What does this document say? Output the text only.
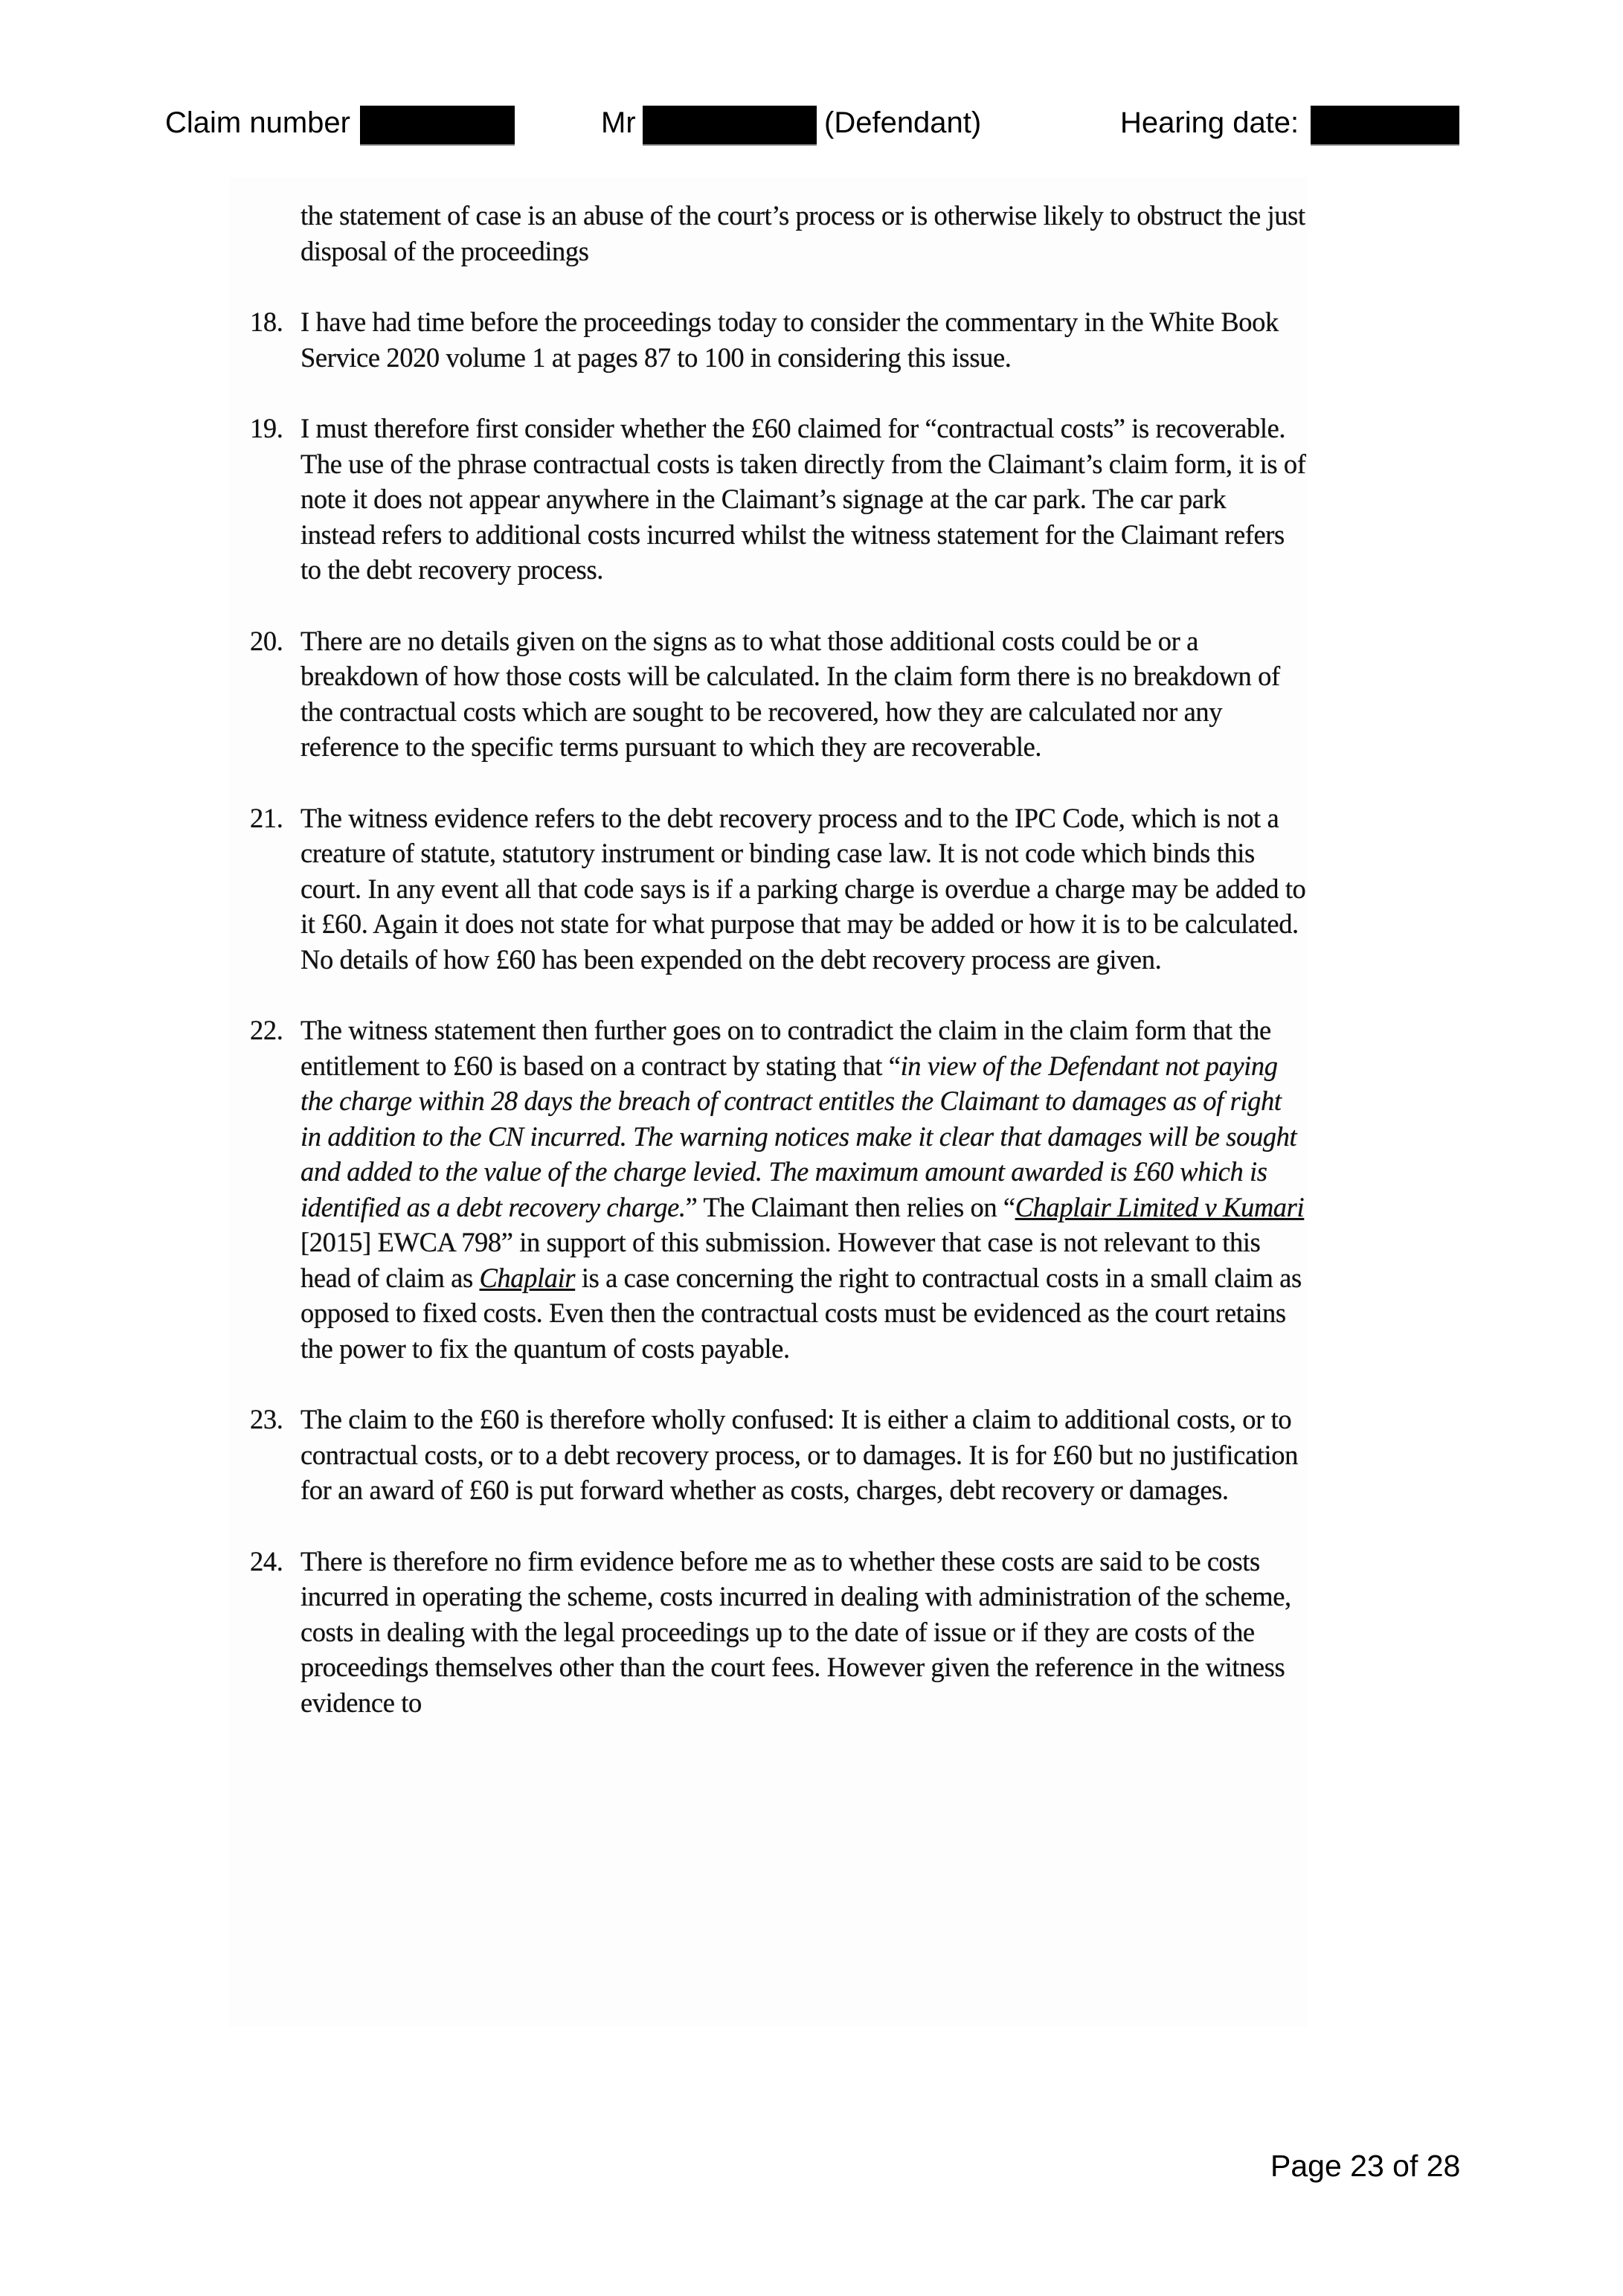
Claim number	Mr	(Defendant)	Hearing date:

the statement of case is an abuse of the court’s process or is otherwise likely to obstruct the just disposal of the proceedings

18. I have had time before the proceedings today to consider the commentary in the White Book Service 2020 volume 1 at pages 87 to 100 in considering this issue.

19. I must therefore first consider whether the £60 claimed for “contractual costs” is recoverable. The use of the phrase contractual costs is taken directly from the Claimant’s claim form, it is of note it does not appear anywhere in the Claimant’s signage at the car park. The car park instead refers to additional costs incurred whilst the witness statement for the Claimant refers to the debt recovery process.

20. There are no details given on the signs as to what those additional costs could be or a breakdown of how those costs will be calculated. In the claim form there is no breakdown of the contractual costs which are sought to be recovered, how they are calculated nor any reference to the specific terms pursuant to which they are recoverable.

21. The witness evidence refers to the debt recovery process and to the IPC Code, which is not a creature of statute, statutory instrument or binding case law. It is not code which binds this court. In any event all that code says is if a parking charge is overdue a charge may be added to it £60. Again it does not state for what purpose that may be added or how it is to be calculated. No details of how £60 has been expended on the debt recovery process are given.

22. The witness statement then further goes on to contradict the claim in the claim form that the entitlement to £60 is based on a contract by stating that “in view of the Defendant not paying the charge within 28 days the breach of contract entitles the Claimant to damages as of right in addition to the CN incurred. The warning notices make it clear that damages will be sought and added to the value of the charge levied. The maximum amount awarded is £60 which is identified as a debt recovery charge.” The Claimant then relies on “Chaplair Limited v Kumari [2015] EWCA 798” in support of this submission. However that case is not relevant to this head of claim as Chaplair is a case concerning the right to contractual costs in a small claim as opposed to fixed costs. Even then the contractual costs must be evidenced as the court retains the power to fix the quantum of costs payable.

23. The claim to the £60 is therefore wholly confused: It is either a claim to additional costs, or to contractual costs, or to a debt recovery process, or to damages. It is for £60 but no justification for an award of £60 is put forward whether as costs, charges, debt recovery or damages.

24. There is therefore no firm evidence before me as to whether these costs are said to be costs incurred in operating the scheme, costs incurred in dealing with administration of the scheme, costs in dealing with the legal proceedings up to the date of issue or if they are costs of the proceedings themselves other than the court fees. However given the reference in the witness evidence to

Page 23 of 28
